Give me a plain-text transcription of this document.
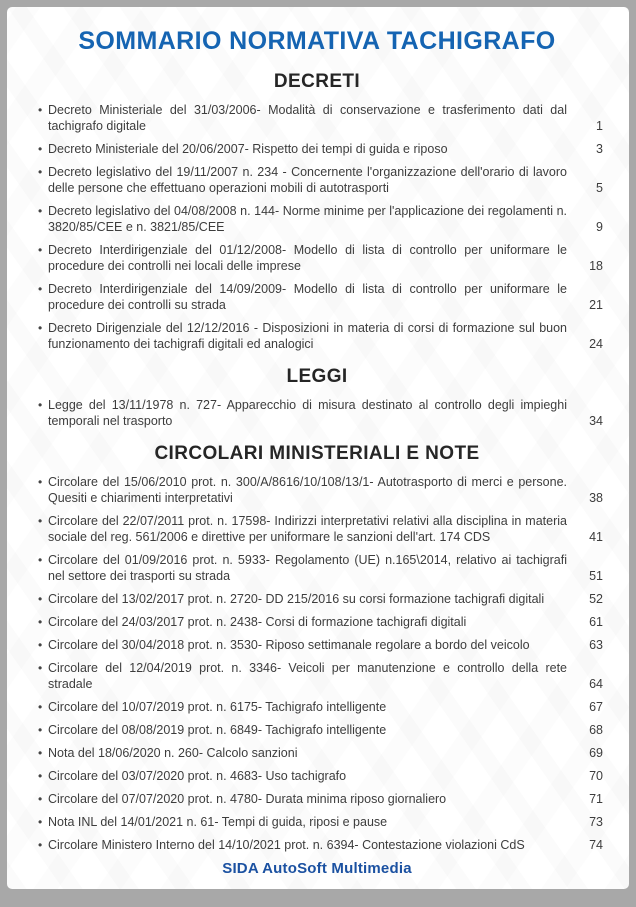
SOMMARIO NORMATIVA TACHIGRAFO
DECRETI
• Decreto Ministeriale del 31/03/2006- Modalità di conservazione e trasferimento dati dal tachigrafo digitale	1
• Decreto Ministeriale del 20/06/2007- Rispetto dei tempi di guida e riposo	3
• Decreto legislativo del 19/11/2007 n. 234 - Concernente l'organizzazione dell'orario di lavoro delle persone che effettuano operazioni mobili di autotrasporti	5
• Decreto legislativo del 04/08/2008 n. 144- Norme minime per l'applicazione dei regolamenti n. 3820/85/CEE e n. 3821/85/CEE	9
• Decreto Interdirigenziale del 01/12/2008- Modello di lista di controllo per uniformare le procedure dei controlli nei locali delle imprese	18
• Decreto Interdirigenziale del 14/09/2009- Modello di lista di controllo per uniformare le procedure dei controlli su strada	21
• Decreto Dirigenziale del 12/12/2016 - Disposizioni in materia di corsi di formazione sul buon funzionamento dei tachigrafi digitali ed analogici	24
LEGGI
• Legge del 13/11/1978 n. 727- Apparecchio di misura destinato al controllo degli impieghi temporali nel trasporto	34
CIRCOLARI MINISTERIALI E NOTE
• Circolare del 15/06/2010 prot. n. 300/A/8616/10/108/13/1- Autotrasporto di merci e persone. Quesiti e chiarimenti interpretativi	38
• Circolare del 22/07/2011 prot. n. 17598- Indirizzi interpretativi relativi alla disciplina in materia sociale del reg. 561/2006 e direttive per uniformare le sanzioni dell'art. 174 CDS	41
• Circolare del 01/09/2016 prot. n. 5933- Regolamento (UE) n.165\2014, relativo ai tachigrafi nel settore dei trasporti su strada	51
• Circolare del 13/02/2017 prot. n. 2720- DD 215/2016 su corsi formazione tachigrafi digitali	52
• Circolare del 24/03/2017 prot. n. 2438- Corsi di formazione tachigrafi digitali	61
• Circolare del 30/04/2018 prot. n. 3530- Riposo settimanale regolare a bordo del veicolo	63
• Circolare del 12/04/2019 prot. n. 3346- Veicoli per manutenzione e controllo della rete stradale	64
• Circolare del 10/07/2019 prot. n. 6175- Tachigrafo intelligente	67
• Circolare del 08/08/2019 prot. n. 6849- Tachigrafo intelligente	68
• Nota del 18/06/2020 n. 260- Calcolo sanzioni	69
• Circolare del 03/07/2020 prot. n. 4683- Uso tachigrafo	70
• Circolare del 07/07/2020 prot. n. 4780- Durata minima riposo giornaliero	71
• Nota INL del 14/01/2021 n. 61- Tempi di guida, riposi e pause	73
• Circolare Ministero Interno del 14/10/2021 prot. n. 6394- Contestazione violazioni CdS	74
SIDA AutoSoft Multimedia
